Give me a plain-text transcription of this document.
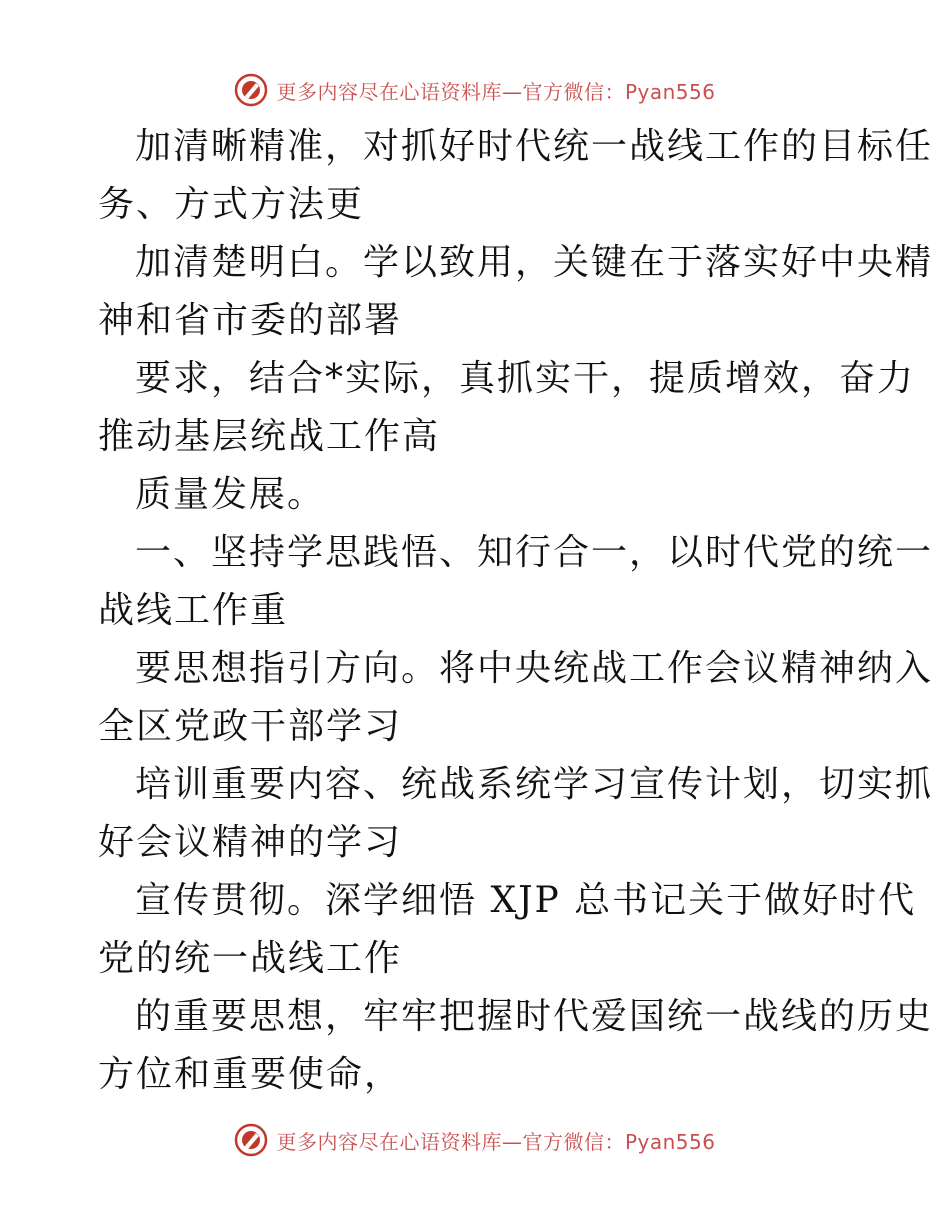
更多内容尽在心语资料库—官方微信：Pyan556
加清晰精准，对抓好时代统一战线工作的目标任
务、方式方法更
加清楚明白。学以致用，关键在于落实好中央精
神和省市委的部署
要求，结合*实际，真抓实干，提质增效，奋力
推动基层统战工作高
质量发展。
一、坚持学思践悟、知行合一，以时代党的统一
战线工作重
要思想指引方向。将中央统战工作会议精神纳入
全区党政干部学习
培训重要内容、统战系统学习宣传计划，切实抓
好会议精神的学习
宣传贯彻。深学细悟 XJP 总书记关于做好时代
党的统一战线工作
的重要思想，牢牢把握时代爱国统一战线的历史
方位和重要使命，
更多内容尽在心语资料库—官方微信：Pyan556
